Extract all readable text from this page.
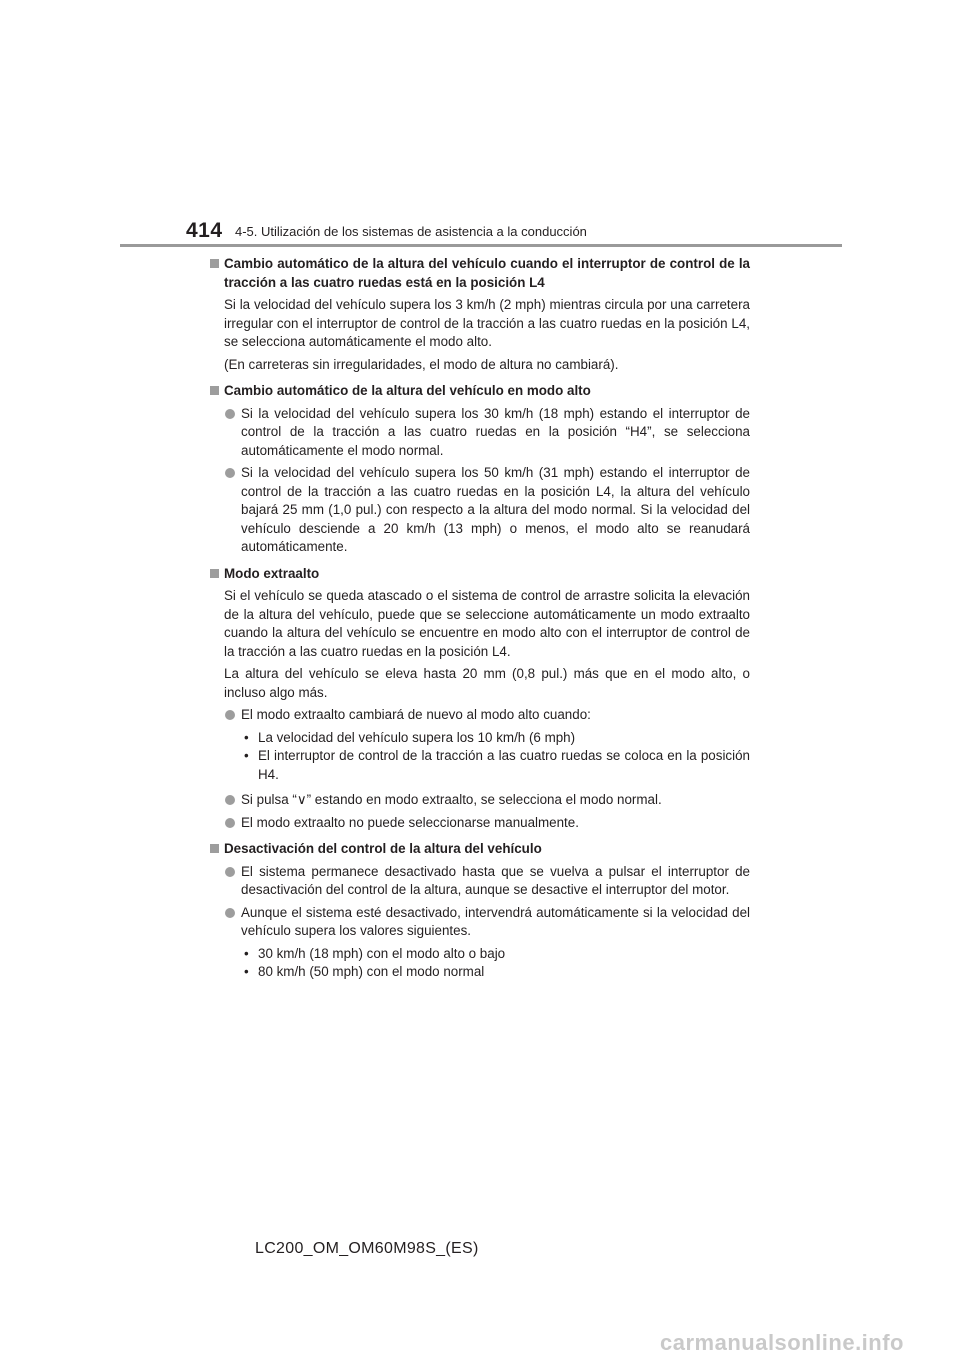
414 4-5. Utilización de los sistemas de asistencia a la conducción
Cambio automático de la altura del vehículo cuando el interruptor de control de la tracción a las cuatro ruedas está en la posición L4
Si la velocidad del vehículo supera los 3 km/h (2 mph) mientras circula por una carretera irregular con el interruptor de control de la tracción a las cuatro ruedas en la posición L4, se selecciona automáticamente el modo alto.
(En carreteras sin irregularidades, el modo de altura no cambiará).
Cambio automático de la altura del vehículo en modo alto
Si la velocidad del vehículo supera los 30 km/h (18 mph) estando el interruptor de control de la tracción a las cuatro ruedas en la posición “H4”, se selecciona automáticamente el modo normal.
Si la velocidad del vehículo supera los 50 km/h (31 mph) estando el interruptor de control de la tracción a las cuatro ruedas en la posición L4, la altura del vehículo bajará 25 mm (1,0 pul.) con respecto a la altura del modo normal. Si la velocidad del vehículo desciende a 20 km/h (13 mph) o menos, el modo alto se reanudará automáticamente.
Modo extraalto
Si el vehículo se queda atascado o el sistema de control de arrastre solicita la elevación de la altura del vehículo, puede que se seleccione automáticamente un modo extraalto cuando la altura del vehículo se encuentre en modo alto con el interruptor de control de la tracción a las cuatro ruedas en la posición L4.
La altura del vehículo se eleva hasta 20 mm (0,8 pul.) más que en el modo alto, o incluso algo más.
El modo extraalto cambiará de nuevo al modo alto cuando:
• La velocidad del vehículo supera los 10 km/h (6 mph)
• El interruptor de control de la tracción a las cuatro ruedas se coloca en la posición H4.
Si pulsa “∨” estando en modo extraalto, se selecciona el modo normal.
El modo extraalto no puede seleccionarse manualmente.
Desactivación del control de la altura del vehículo
El sistema permanece desactivado hasta que se vuelva a pulsar el interruptor de desactivación del control de la altura, aunque se desactive el interruptor del motor.
Aunque el sistema esté desactivado, intervendrá automáticamente si la velocidad del vehículo supera los valores siguientes.
• 30 km/h (18 mph) con el modo alto o bajo
• 80 km/h (50 mph) con el modo normal
LC200_OM_OM60M98S_(ES)
carmanualsonline.info
